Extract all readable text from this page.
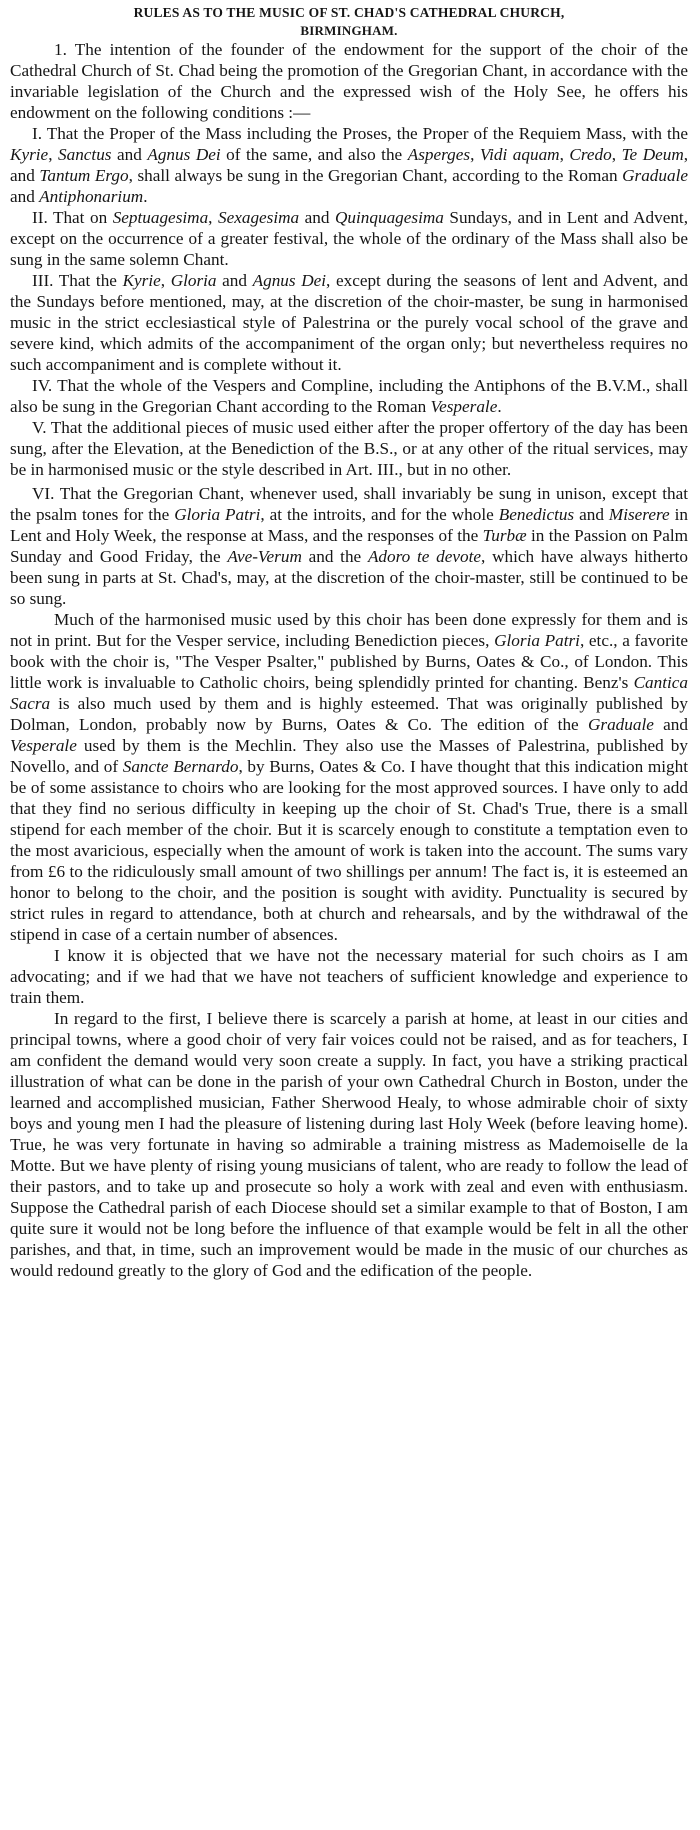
RULES AS TO THE MUSIC OF ST. CHAD'S CATHEDRAL CHURCH,
BIRMINGHAM.

1. The intention of the founder of the endowment for the support of the choir of the Cathedral Church of St. Chad being the promotion of the Gregorian Chant, in accordance with the invariable legislation of the Church and the expressed wish of the Holy See, he offers his endowment on the following conditions :—

I. That the Proper of the Mass including the Proses, the Proper of the Requiem Mass, with the Kyrie, Sanctus and Agnus Dei of the same, and also the Asperges, Vidi aquam, Credo, Te Deum, and Tantum Ergo, shall always be sung in the Gregorian Chant, according to the Roman Graduale and Antiphonarium.

II. That on Septuagesima, Sexagesima and Quinquagesima Sundays, and in Lent and Advent, except on the occurrence of a greater festival, the whole of the ordinary of the Mass shall also be sung in the same solemn Chant.

III. That the Kyrie, Gloria and Agnus Dei, except during the seasons of lent and Advent, and the Sundays before mentioned, may, at the discretion of the choir-master, be sung in harmonised music in the strict ecclesiastical style of Palestrina or the purely vocal school of the grave and severe kind, which admits of the accompaniment of the organ only; but nevertheless requires no such accompaniment and is complete without it.

IV. That the whole of the Vespers and Compline, including the Antiphons of the B.V.M., shall also be sung in the Gregorian Chant according to the Roman Vesperale.

V. That the additional pieces of music used either after the proper offertory of the day has been sung, after the Elevation, at the Benediction of the B.S., or at any other of the ritual services, may be in harmonised music or the style described in Art. III., but in no other.

VI. That the Gregorian Chant, whenever used, shall invariably be sung in unison, except that the psalm tones for the Gloria Patri, at the introits, and for the whole Benedictus and Miserere in Lent and Holy Week, the response at Mass, and the responses of the Turbæ in the Passion on Palm Sunday and Good Friday, the Ave-Verum and the Adoro te devote, which have always hitherto been sung in parts at St. Chad's, may, at the discretion of the choir-master, still be continued to be so sung.

Much of the harmonised music used by this choir has been done expressly for them and is not in print. But for the Vesper service, including Benediction pieces, Gloria Patri, etc., a favorite book with the choir is, "The Vesper Psalter," published by Burns, Oates & Co., of London. This little work is invaluable to Catholic choirs, being splendidly printed for chanting. Benz's Cantica Sacra is also much used by them and is highly esteemed. That was originally published by Dolman, London, probably now by Burns, Oates & Co. The edition of the Graduale and Vesperale used by them is the Mechlin. They also use the Masses of Palestrina, published by Novello, and of Sancte Bernardo, by Burns, Oates & Co. I have thought that this indication might be of some assistance to choirs who are looking for the most approved sources. I have only to add that they find no serious difficulty in keeping up the choir of St. Chad's True, there is a small stipend for each member of the choir. But it is scarcely enough to constitute a temptation even to the most avaricious, especially when the amount of work is taken into the account. The sums vary from £6 to the ridiculously small amount of two shillings per annum! The fact is, it is esteemed an honor to belong to the choir, and the position is sought with avidity. Punctuality is secured by strict rules in regard to attendance, both at church and rehearsals, and by the withdrawal of the stipend in case of a certain number of absences.

I know it is objected that we have not the necessary material for such choirs as I am advocating; and if we had that we have not teachers of sufficient knowledge and experience to train them.

In regard to the first, I believe there is scarcely a parish at home, at least in our cities and principal towns, where a good choir of very fair voices could not be raised, and as for teachers, I am confident the demand would very soon create a supply. In fact, you have a striking practical illustration of what can be done in the parish of your own Cathedral Church in Boston, under the learned and accomplished musician, Father Sherwood Healy, to whose admirable choir of sixty boys and young men I had the pleasure of listening during last Holy Week (before leaving home). True, he was very fortunate in having so admirable a training mistress as Mademoiselle de la Motte. But we have plenty of rising young musicians of talent, who are ready to follow the lead of their pastors, and to take up and prosecute so holy a work with zeal and even with enthusiasm. Suppose the Cathedral parish of each Diocese should set a similar example to that of Boston, I am quite sure it would not be long before the influence of that example would be felt in all the other parishes, and that, in time, such an improvement would be made in the music of our churches as would redound greatly to the glory of God and the edification of the people.
